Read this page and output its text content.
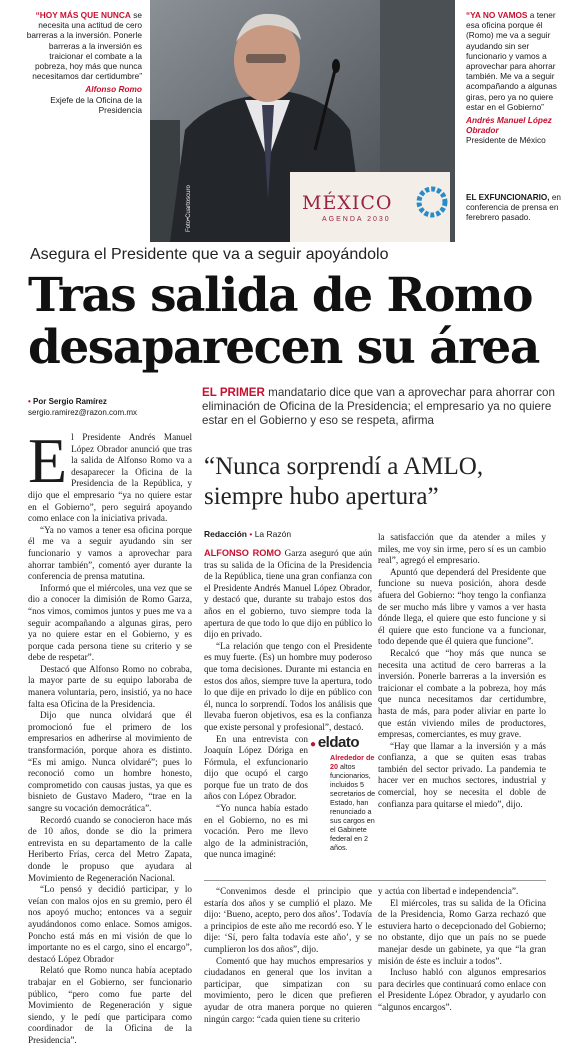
“HOY MÁS QUE NUNCA se necesita una actitud de cero barreras a la inversión. Ponerle barreras a la inversión es traicionar el combate a la pobreza, hoy más que nunca necesitamos dar certidumbre”
Alfonso Romo
Exjefe de la Oficina de la Presidencia
MÉXICO
AGENDA 2030
Foto•Cuartoscuro
“YA NO VAMOS a tener esa oficina porque él (Romo) me va a seguir ayudando sin ser funcionario y vamos a aprovechar para ahorrar también. Me va a seguir acompañando a algunas giras, pero ya no quiere estar en el Gobierno”
Andrés Manuel López Obrador
Presidente de México
EL EXFUNCIONARIO, en conferencia de prensa en ferebrero pasado.
Asegura el Presidente que va a seguir apoyándolo
Tras salida de Romo
desaparecen su área
• Por Sergio Ramírez
sergio.ramirez@razon.com.mx
EL PRIMER mandatario dice que van a aprovechar para ahorrar con eliminación de Oficina de la Presidencia; el empresario ya no quiere estar en el Gobierno y eso se respeta, afirma

El Presidente Andrés Manuel López Obrador anunció que tras la salida de Alfonso Romo va a desaparecer la Oficina de la Presidencia de la República, y dijo que el empresario “ya no quiere estar en el Gobierno”, pero seguirá apoyando como enlace con la iniciativa privada.

“Ya no vamos a tener esa oficina porque él me va a seguir ayudando sin ser funcionario y vamos a aprovechar para ahorrar también”, comentó ayer durante la conferencia de prensa matutina.

Informó que el miércoles, una vez que se dio a conocer la dimisión de Romo Garza, “nos vimos, comimos juntos y pues me va a seguir acompañando a algunas giras, pero ya no quiere estar en el Gobierno, y es porque cada persona tiene su criterio y se debe de respetar”.

Destacó que Alfonso Romo no cobraba, la mayor parte de su equipo laboraba de manera voluntaria, pero, insistió, ya no hace falta esa Oficina de la Presidencia.

Dijo que nunca olvidará que él promocionó fue el primero de los empresarios en adherirse al movimiento de transformación, porque ahora es distinto. “Es mi amigo. Nunca olvidaré”; pues lo reconoció como un hombre honesto, comprometido con causas justas, ya que es bisnieto de Gustavo Madero, “trae en la sangre su vocación democrática”.

Recordó cuando se conocieron hace más de 10 años, donde se dio la primera entrevista en su departamento de la calle Heriberto Frías, cerca del Metro Zapata, donde le propuso que ayudara al Movimiento de Regeneración Nacional.

“Lo pensó y decidió participar, y lo veían con malos ojos en su gremio, pero él nos apoyó mucho; entonces va a seguir ayudándonos como enlace. Somos amigos. Poncho está más en mi visión de que lo importante no es el cargo, sino el encargo”, destacó López Obrador

Relató que Romo nunca había aceptado trabajar en el Gobierno, ser funcionario público, “pero como fue parte del Movimiento de Regeneración y sigue siendo, y le pedí que participara como coordinador de la Oficina de la Presidencia”.

“Nunca sorprendí a AMLO,
siempre hubo apertura”
Redacción • La Razón

ALFONSO ROMO Garza aseguró que aún tras su salida de la Oficina de la Presidencia de la República, tiene una gran confianza con el Presidente Andrés Manuel López Obrador, y destacó que, durante su trabajo estos dos años en el gobierno, tuvo siempre toda la apertura de que todo lo que dijo en público lo dijo en privado.

“La relación que tengo con el Presidente es muy fuerte. (Es) un hombre muy poderoso que toma decisiones. Durante mi estancia en estos dos años, siempre tuve la apertura, todo lo que dije en privado lo dije en público con él, nunca lo sorprendí. Todos los análisis que llevaba fueron objetivos, esa es la confianza que existe personal y profesional”, destacó.

En una entrevista con Joaquín López Dóriga en Fórmula, el exfuncionario dijo que ocupó el cargo porque fue un trato de dos años con López Obrador.

“Yo nunca había estado en el Gobierno, no es mi vocación. Pero me llevo algo de la administración, que nunca imaginé:

● eldato
Alrededor de 20 altos funcionarios, incluidos 5 secretarios de Estado, han renunciado a sus cargos en el Gabinete federal en 2 años.

la satisfacción que da atender a miles y miles, me voy sin irme, pero sí es un cambio real”, agregó el empresario.

Apuntó que dependerá del Presidente que funcione su nueva posición, ahora desde afuera del Gobierno: “hoy tengo la confianza de ser mucho más libre y vamos a ver hasta dónde llega, el quiere que esto funcione y si él quiere que esto funcione va a funcionar, todo depende que él quiera que funcione”.

Recalcó que “hoy más que nunca se necesita una actitud de cero barreras a la inversión. Ponerle barreras a la inversión es traicionar el combate a la pobreza, hoy más que nunca necesitamos dar certidumbre, hasta de más, para poder aliviar en parte lo que están viviendo miles de productores, empresas, comerciantes, es muy grave.

“Hay que llamar a la inversión y a más confianza, a que se quiten esas trabas también del sector privado. La pandemia te hacer ver en muchos sectores, industrial y comercial, hoy se necesita el doble de confianza para quitarse el miedo”, dijo.

“Convenimos desde el principio que estaría dos años y se cumplió el plazo. Me dijo: ‘Bueno, acepto, pero dos años’. Todavía a principios de este año me recordó eso. Y le dije: ‘Sí, pero falta todavía este año’, y se cumplieron los dos años”, dijo.

Comentó que hay muchos empresarios y ciudadanos en general que los invitan a participar, que simpatizan con su movimiento, pero le dicen que prefieren ayudar de otra manera porque no quieren ningún cargo: “cada quien tiene su criterio

y actúa con libertad e independencia”.

El miércoles, tras su salida de la Oficina de la Presidencia, Romo Garza rechazó que estuviera harto o decepcionado del Gobierno; no obstante, dijo que un país no se puede manejar desde un gabinete, ya que “la gran misión de éste es incluir a todos”.

Incluso habló con algunos empresarios para decirles que continuará como enlace con el Presidente López Obrador, y ayudarlo con “algunos encargos”.
